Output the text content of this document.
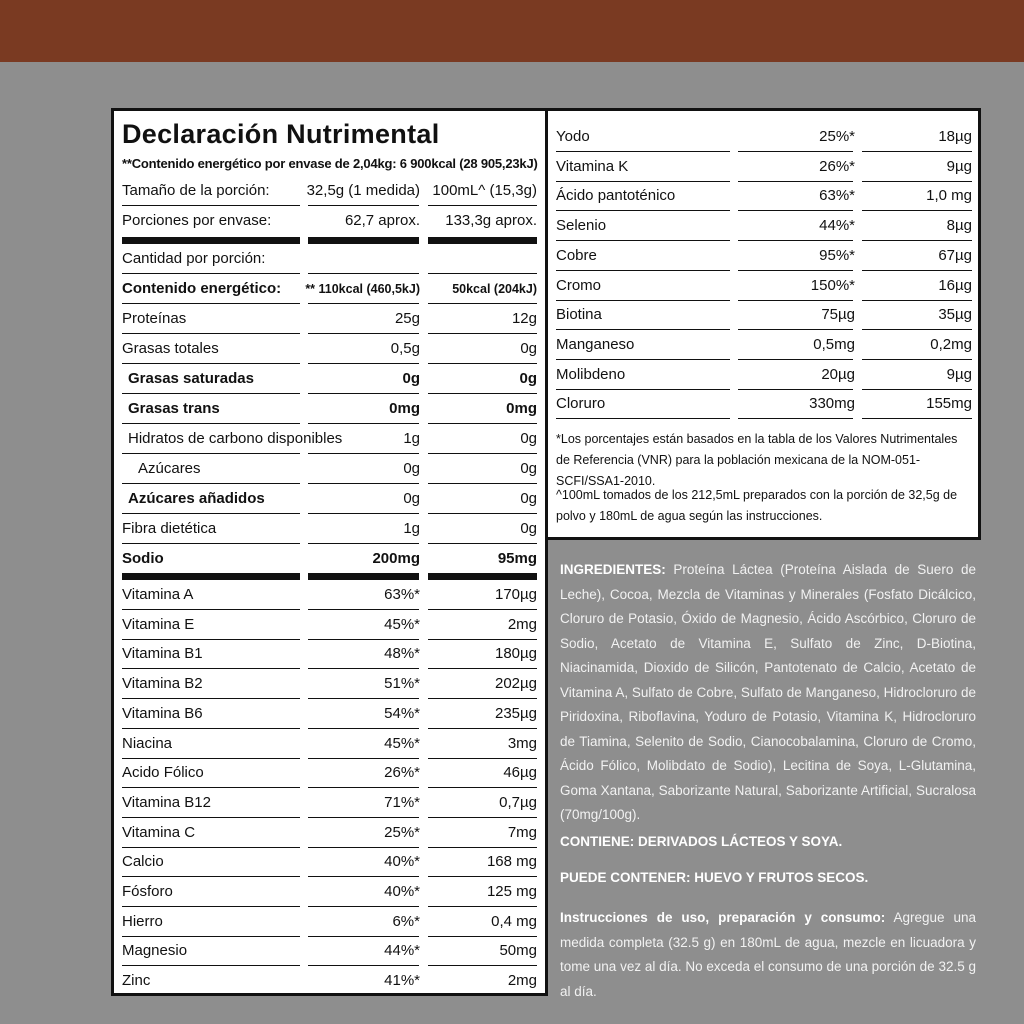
Declaración Nutrimental
**Contenido energético por envase de 2,04kg: 6 900kcal (28 905,23kJ)
Tamaño de la porción: 32,5g (1 medida) 100mL^ (15,3g)
Porciones por envase:	62,7 aprox. 133,3g aprox.
Cantidad por porción:
Contenido energético: ** 110kcal (460,5kJ)	50kcal (204kJ)
Proteínas	25g	12g
Grasas totales	0,5g	0g
Grasas saturadas	0g	0g
Grasas trans	0mg	0mg
Hidratos de carbono disponibles	1g	0g
Azúcares	0g	0g
Azúcares añadidos	0g	0g
Fibra dietética	1g	0g
Sodio	200mg	95mg
Vitamina A	63%*	170µg
Vitamina E	45%*	2mg
Vitamina B1	48%*	180µg
Vitamina B2	51%*	202µg
Vitamina B6	54%*	235µg
Niacina	45%*	3mg
Acido Fólico	26%*	46µg
Vitamina B12	71%*	0,7µg
Vitamina C	25%*	7mg
Calcio	40%*	168 mg
Fósforo	40%*	125 mg
Hierro	6%*	0,4 mg
Magnesio	44%*	50mg
Zinc	41%*	2mg
Yodo	25%*	18µg
Vitamina K	26%*	9µg
Ácido pantoténico	63%*	1,0 mg
Selenio	44%*	8µg
Cobre	95%*	67µg
Cromo	150%*	16µg
Biotina	75µg	35µg
Manganeso	0,5mg	0,2mg
Molibdeno	20µg	9µg
Cloruro	330mg	155mg
*Los porcentajes están basados en la tabla de los Valores Nutrimentales de Referencia (VNR) para la población mexicana de la NOM-051-SCFI/SSA1-2010.
^100mL tomados de los 212,5mL preparados con la porción de 32,5g de polvo y 180mL de agua según las instrucciones.
INGREDIENTES: Proteína Láctea (Proteína Aislada de Suero de Leche), Cocoa, Mezcla de Vitaminas y Minerales (Fosfato Dicálcico, Cloruro de Potasio, Óxido de Magnesio, Ácido Ascórbico, Cloruro de Sodio, Acetato de Vitamina E, Sulfato de Zinc, D-Biotina, Niacinamida, Dioxido de Silicón, Pantotenato de Calcio, Acetato de Vitamina A, Sulfato de Cobre, Sulfato de Manganeso, Hidrocloruro de Piridoxina, Riboflavina, Yoduro de Potasio, Vitamina K, Hidrocloruro de Tiamina, Selenito de Sodio, Cianocobalamina, Cloruro de Cromo, Ácido Fólico, Molibdato de Sodio), Lecitina de Soya, L-Glutamina, Goma Xantana, Saborizante Natural, Saborizante Artificial, Sucralosa (70mg/100g).
CONTIENE: DERIVADOS LÁCTEOS Y SOYA.
PUEDE CONTENER: HUEVO Y FRUTOS SECOS.
Instrucciones de uso, preparación y consumo: Agregue una medida completa (32.5 g) en 180mL de agua, mezcle en licuadora y tome una vez al día. No exceda el consumo de una porción de 32.5 g al día.
